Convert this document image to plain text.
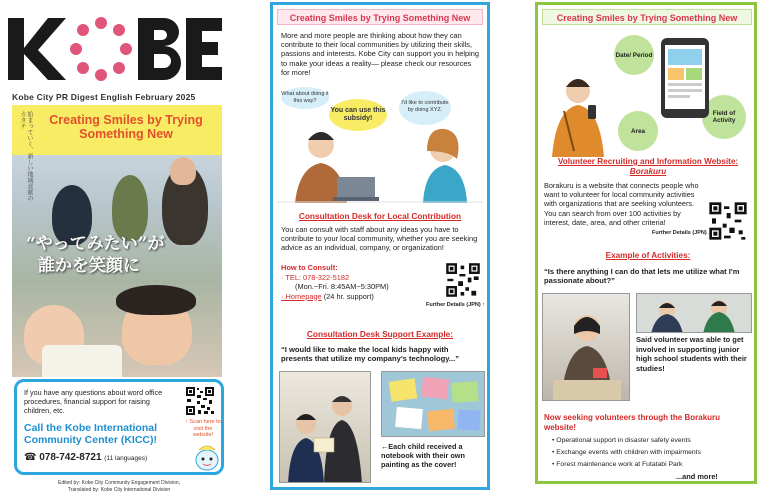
Kobe City PR Digest English February 2025
Creating Smiles by Trying Something New
始まっていく、新しい地域貢献のカタチ
“やってみたい”が
誰かを笑顔に
If you have any questions about word office procedures, financial support for raising children, etc.
↑ Scan here to visit the website!
Call the Kobe International Community Center (KICC)!
☎ 078-742-8721 (11 languages)
Edited by: Kobe City Community Engagement Division,
Translated by: Kobe City International Division
Creating Smiles by Trying Something New
More and more people are thinking about how they can contribute to their local communities by utilizing their skills, passions and interests. Kobe City can support you in helping to make your ideas a reality— please check our resources for more!
What about doing it this way?
You can use this subsidy!
I'd like to contribute by doing XYZ.
Consultation Desk for Local Contribution
You can consult with staff about any ideas you have to contribute to your local community, whether you are seeking advice as an individual, company, or organization!
How to Consult:
· TEL: 078-322-5182
(Mon.~Fri. 8:45AM~5:30PM)
· Homepage (24 hr. support)
Further Details (JPN) ↑
Consultation Desk Support Example:
“I would like to make the local kids happy with presents that utilize my company's technology...”
←Each child received a notebook with their own painting as the cover!
Creating Smiles by Trying Something New
Date/ Period
Area
Field of Activity
Volunteer Recruiting and Information Website:
Borakuru
Borakuru is a website that connects people who want to volunteer for local community activities with organizations that are seeking volunteers. You can search from over 100 activities by interest, date, area, and other criteria!
Further Details (JPN)→
Example of Activities:
“Is there anything I can do that lets me utilize what I'm passionate about?”
Said volunteer was able to get involved in supporting junior high school students with their studies!
Now seeking volunteers through the Borakuru website!
• Operational support in disaster safety events
• Exchange events with children with impairments
• Forest maintenance work at Futatabi Park
...and more!
